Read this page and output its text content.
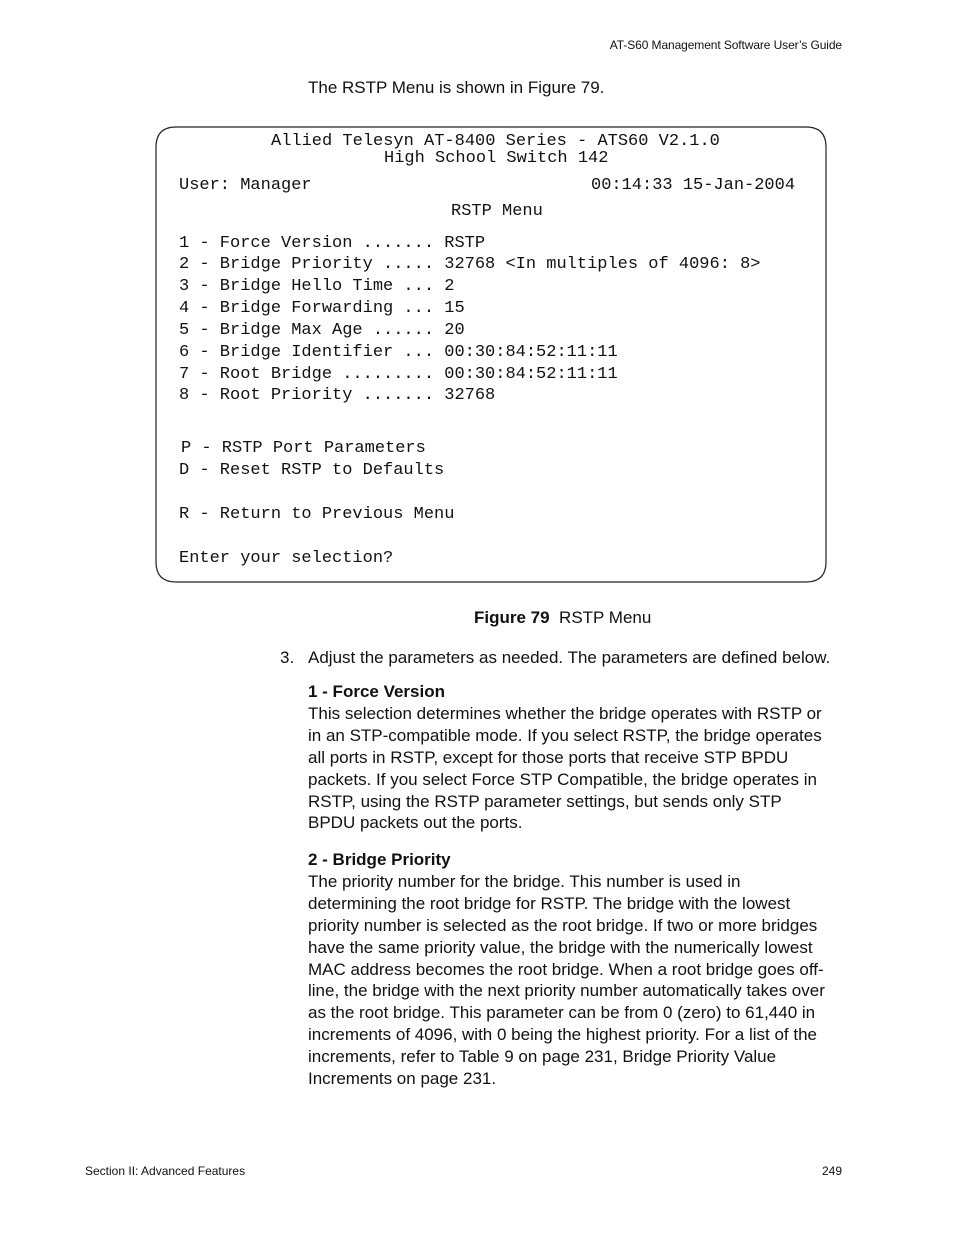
AT-S60 Management Software User’s Guide
The RSTP Menu is shown in Figure 79.
Allied Telesyn AT-8400 Series - ATS60 V2.1.0
High School Switch 142
User: Manager	00:14:33 15-Jan-2004
RSTP Menu
1 - Force Version ....... RSTP
2 - Bridge Priority ..... 32768 <In multiples of 4096: 8>
3 - Bridge Hello Time ... 2
4 - Bridge Forwarding ... 15
5 - Bridge Max Age ...... 20
6 - Bridge Identifier ... 00:30:84:52:11:11
7 - Root Bridge ......... 00:30:84:52:11:11
8 - Root Priority ....... 32768
P - RSTP Port Parameters
D - Reset RSTP to Defaults
R - Return to Previous Menu
Enter your selection?
Figure 79 RSTP Menu
3. Adjust the parameters as needed. The parameters are defined below.
1 - Force Version
This selection determines whether the bridge operates with RSTP or in an STP-compatible mode. If you select RSTP, the bridge operates all ports in RSTP, except for those ports that receive STP BPDU packets. If you select Force STP Compatible, the bridge operates in RSTP, using the RSTP parameter settings, but sends only STP BPDU packets out the ports.
2 - Bridge Priority
The priority number for the bridge. This number is used in determining the root bridge for RSTP. The bridge with the lowest priority number is selected as the root bridge. If two or more bridges have the same priority value, the bridge with the numerically lowest MAC address becomes the root bridge. When a root bridge goes off-line, the bridge with the next priority number automatically takes over as the root bridge. This parameter can be from 0 (zero) to 61,440 in increments of 4096, with 0 being the highest priority. For a list of the increments, refer to Table 9 on page 231, Bridge Priority Value Increments on page 231.
Section II: Advanced Features	249
